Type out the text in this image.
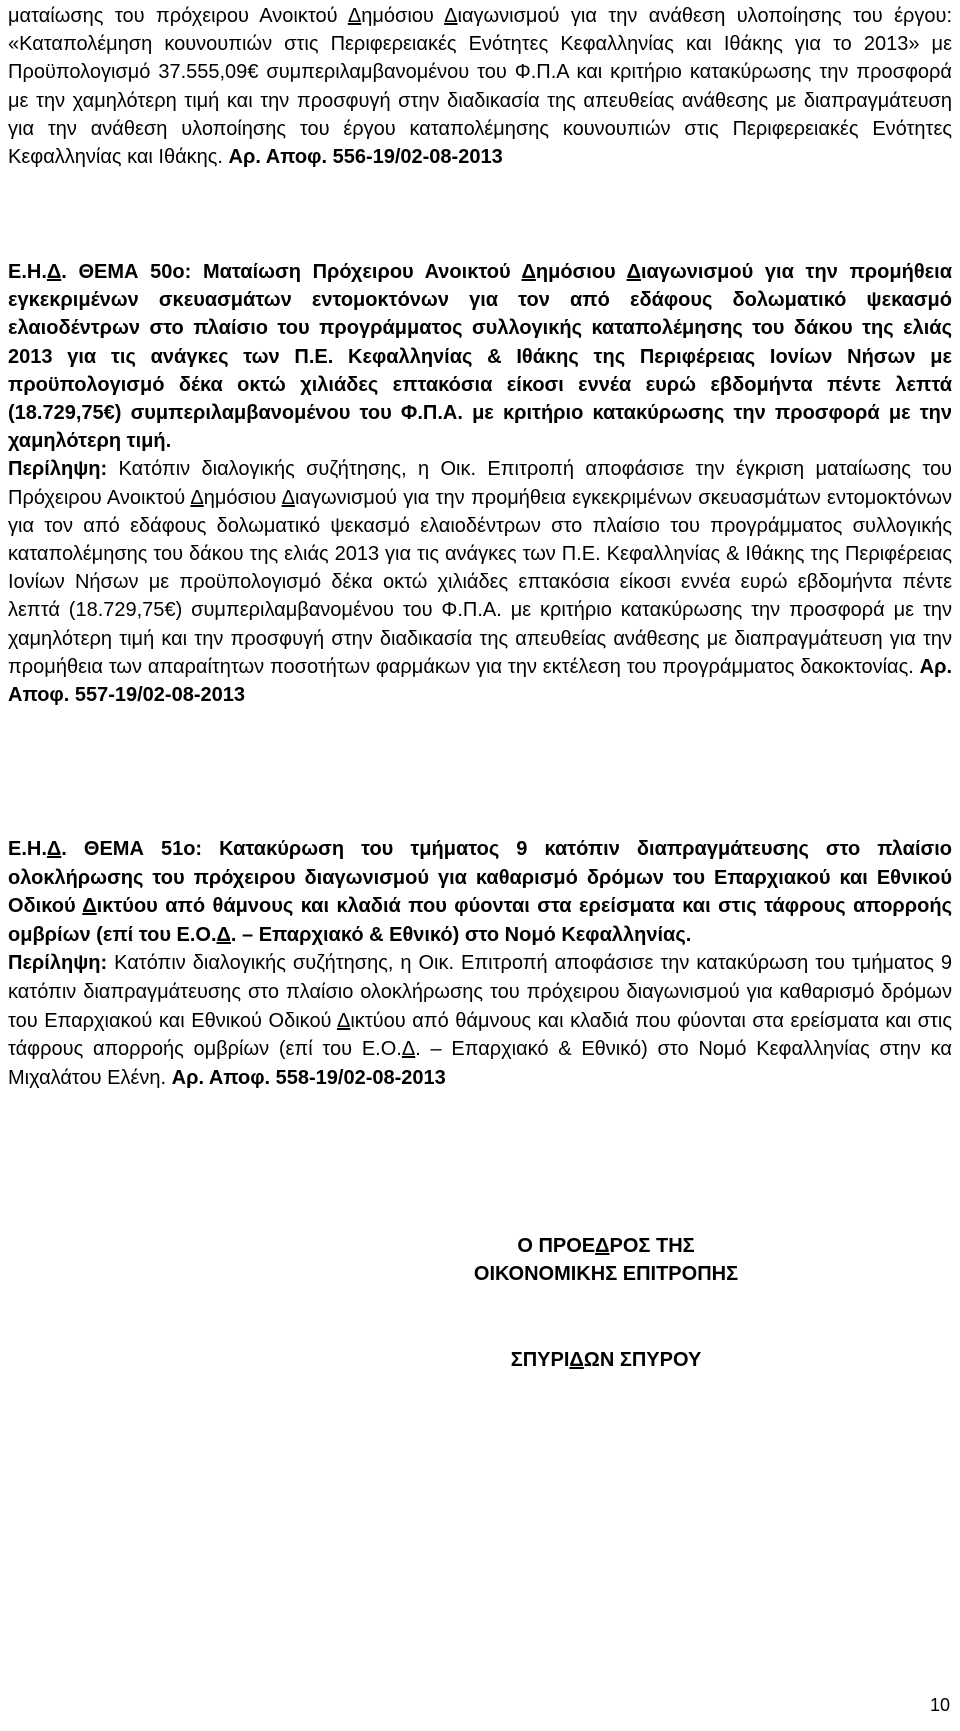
ματαίωσης του πρόχειρου Ανοικτού Δημόσιου Διαγωνισμού για την ανάθεση υλοποίησης του έργου: «Καταπολέμηση κουνουπιών στις Περιφερειακές Ενότητες Κεφαλληνίας και Ιθάκης για το 2013» με Προϋπολογισμό 37.555,09€ συμπεριλαμβανομένου του Φ.Π.Α και κριτήριο κατακύρωσης την προσφορά με την χαμηλότερη τιμή και την προσφυγή στην διαδικασία της απευθείας ανάθεσης με διαπραγμάτευση για την ανάθεση υλοποίησης του έργου καταπολέμησης κουνουπιών στις Περιφερειακές Ενότητες Κεφαλληνίας και Ιθάκης. Αρ. Αποφ. 556-19/02-08-2013
Ε.Η.Δ. ΘΕΜΑ 50ο: Ματαίωση Πρόχειρου Ανοικτού Δημόσιου Διαγωνισμού για την προμήθεια εγκεκριμένων σκευασμάτων εντομοκτόνων για τον από εδάφους δολωματικό ψεκασμό ελαιοδέντρων στο πλαίσιο του προγράμματος συλλογικής καταπολέμησης του δάκου της ελιάς 2013 για τις ανάγκες των Π.Ε. Κεφαλληνίας & Ιθάκης της Περιφέρειας Ιονίων Νήσων με προϋπολογισμό δέκα οκτώ χιλιάδες επτακόσια είκοσι εννέα ευρώ εβδομήντα πέντε λεπτά (18.729,75€) συμπεριλαμβανομένου του Φ.Π.Α. με κριτήριο κατακύρωσης την προσφορά με την χαμηλότερη τιμή.
Περίληψη: Κατόπιν διαλογικής συζήτησης, η Οικ. Επιτροπή αποφάσισε την έγκριση ματαίωσης του Πρόχειρου Ανοικτού Δημόσιου Διαγωνισμού για την προμήθεια εγκεκριμένων σκευασμάτων εντομοκτόνων για τον από εδάφους δολωματικό ψεκασμό ελαιοδέντρων στο πλαίσιο του προγράμματος συλλογικής καταπολέμησης του δάκου της ελιάς 2013 για τις ανάγκες των Π.Ε. Κεφαλληνίας & Ιθάκης της Περιφέρειας Ιονίων Νήσων με προϋπολογισμό δέκα οκτώ χιλιάδες επτακόσια είκοσι εννέα ευρώ εβδομήντα πέντε λεπτά (18.729,75€) συμπεριλαμβανομένου του Φ.Π.Α. με κριτήριο κατακύρωσης την προσφορά με την χαμηλότερη τιμή και την προσφυγή στην διαδικασία της απευθείας ανάθεσης με διαπραγμάτευση για την προμήθεια των απαραίτητων ποσοτήτων φαρμάκων για την εκτέλεση του προγράμματος δακοκτονίας. Αρ. Αποφ. 557-19/02-08-2013
Ε.Η.Δ. ΘΕΜΑ 51ο: Κατακύρωση του τμήματος 9 κατόπιν διαπραγμάτευσης στο πλαίσιο ολοκλήρωσης του πρόχειρου διαγωνισμού για καθαρισμό δρόμων του Επαρχιακού και Εθνικού Οδικού Δικτύου από θάμνους και κλαδιά που φύονται στα ερείσματα και στις τάφρους απορροής ομβρίων (επί του Ε.Ο.Δ. – Επαρχιακό & Εθνικό) στο Νομό Κεφαλληνίας.
Περίληψη: Κατόπιν διαλογικής συζήτησης, η Οικ. Επιτροπή αποφάσισε την κατακύρωση του τμήματος 9 κατόπιν διαπραγμάτευσης στο πλαίσιο ολοκλήρωσης του πρόχειρου διαγωνισμού για καθαρισμό δρόμων του Επαρχιακού και Εθνικού Οδικού Δικτύου από θάμνους και κλαδιά που φύονται στα ερείσματα και στις τάφρους απορροής ομβρίων (επί του Ε.Ο.Δ. – Επαρχιακό & Εθνικό) στο Νομό Κεφαλληνίας στην κα Μιχαλάτου Ελένη. Αρ. Αποφ. 558-19/02-08-2013
Ο ΠΡΟΕΔΡΟΣ ΤΗΣ
ΟΙΚΟΝΟΜΙΚΗΣ ΕΠΙΤΡΟΠΗΣ
ΣΠΥΡΙΔΩΝ ΣΠΥΡΟΥ
10
